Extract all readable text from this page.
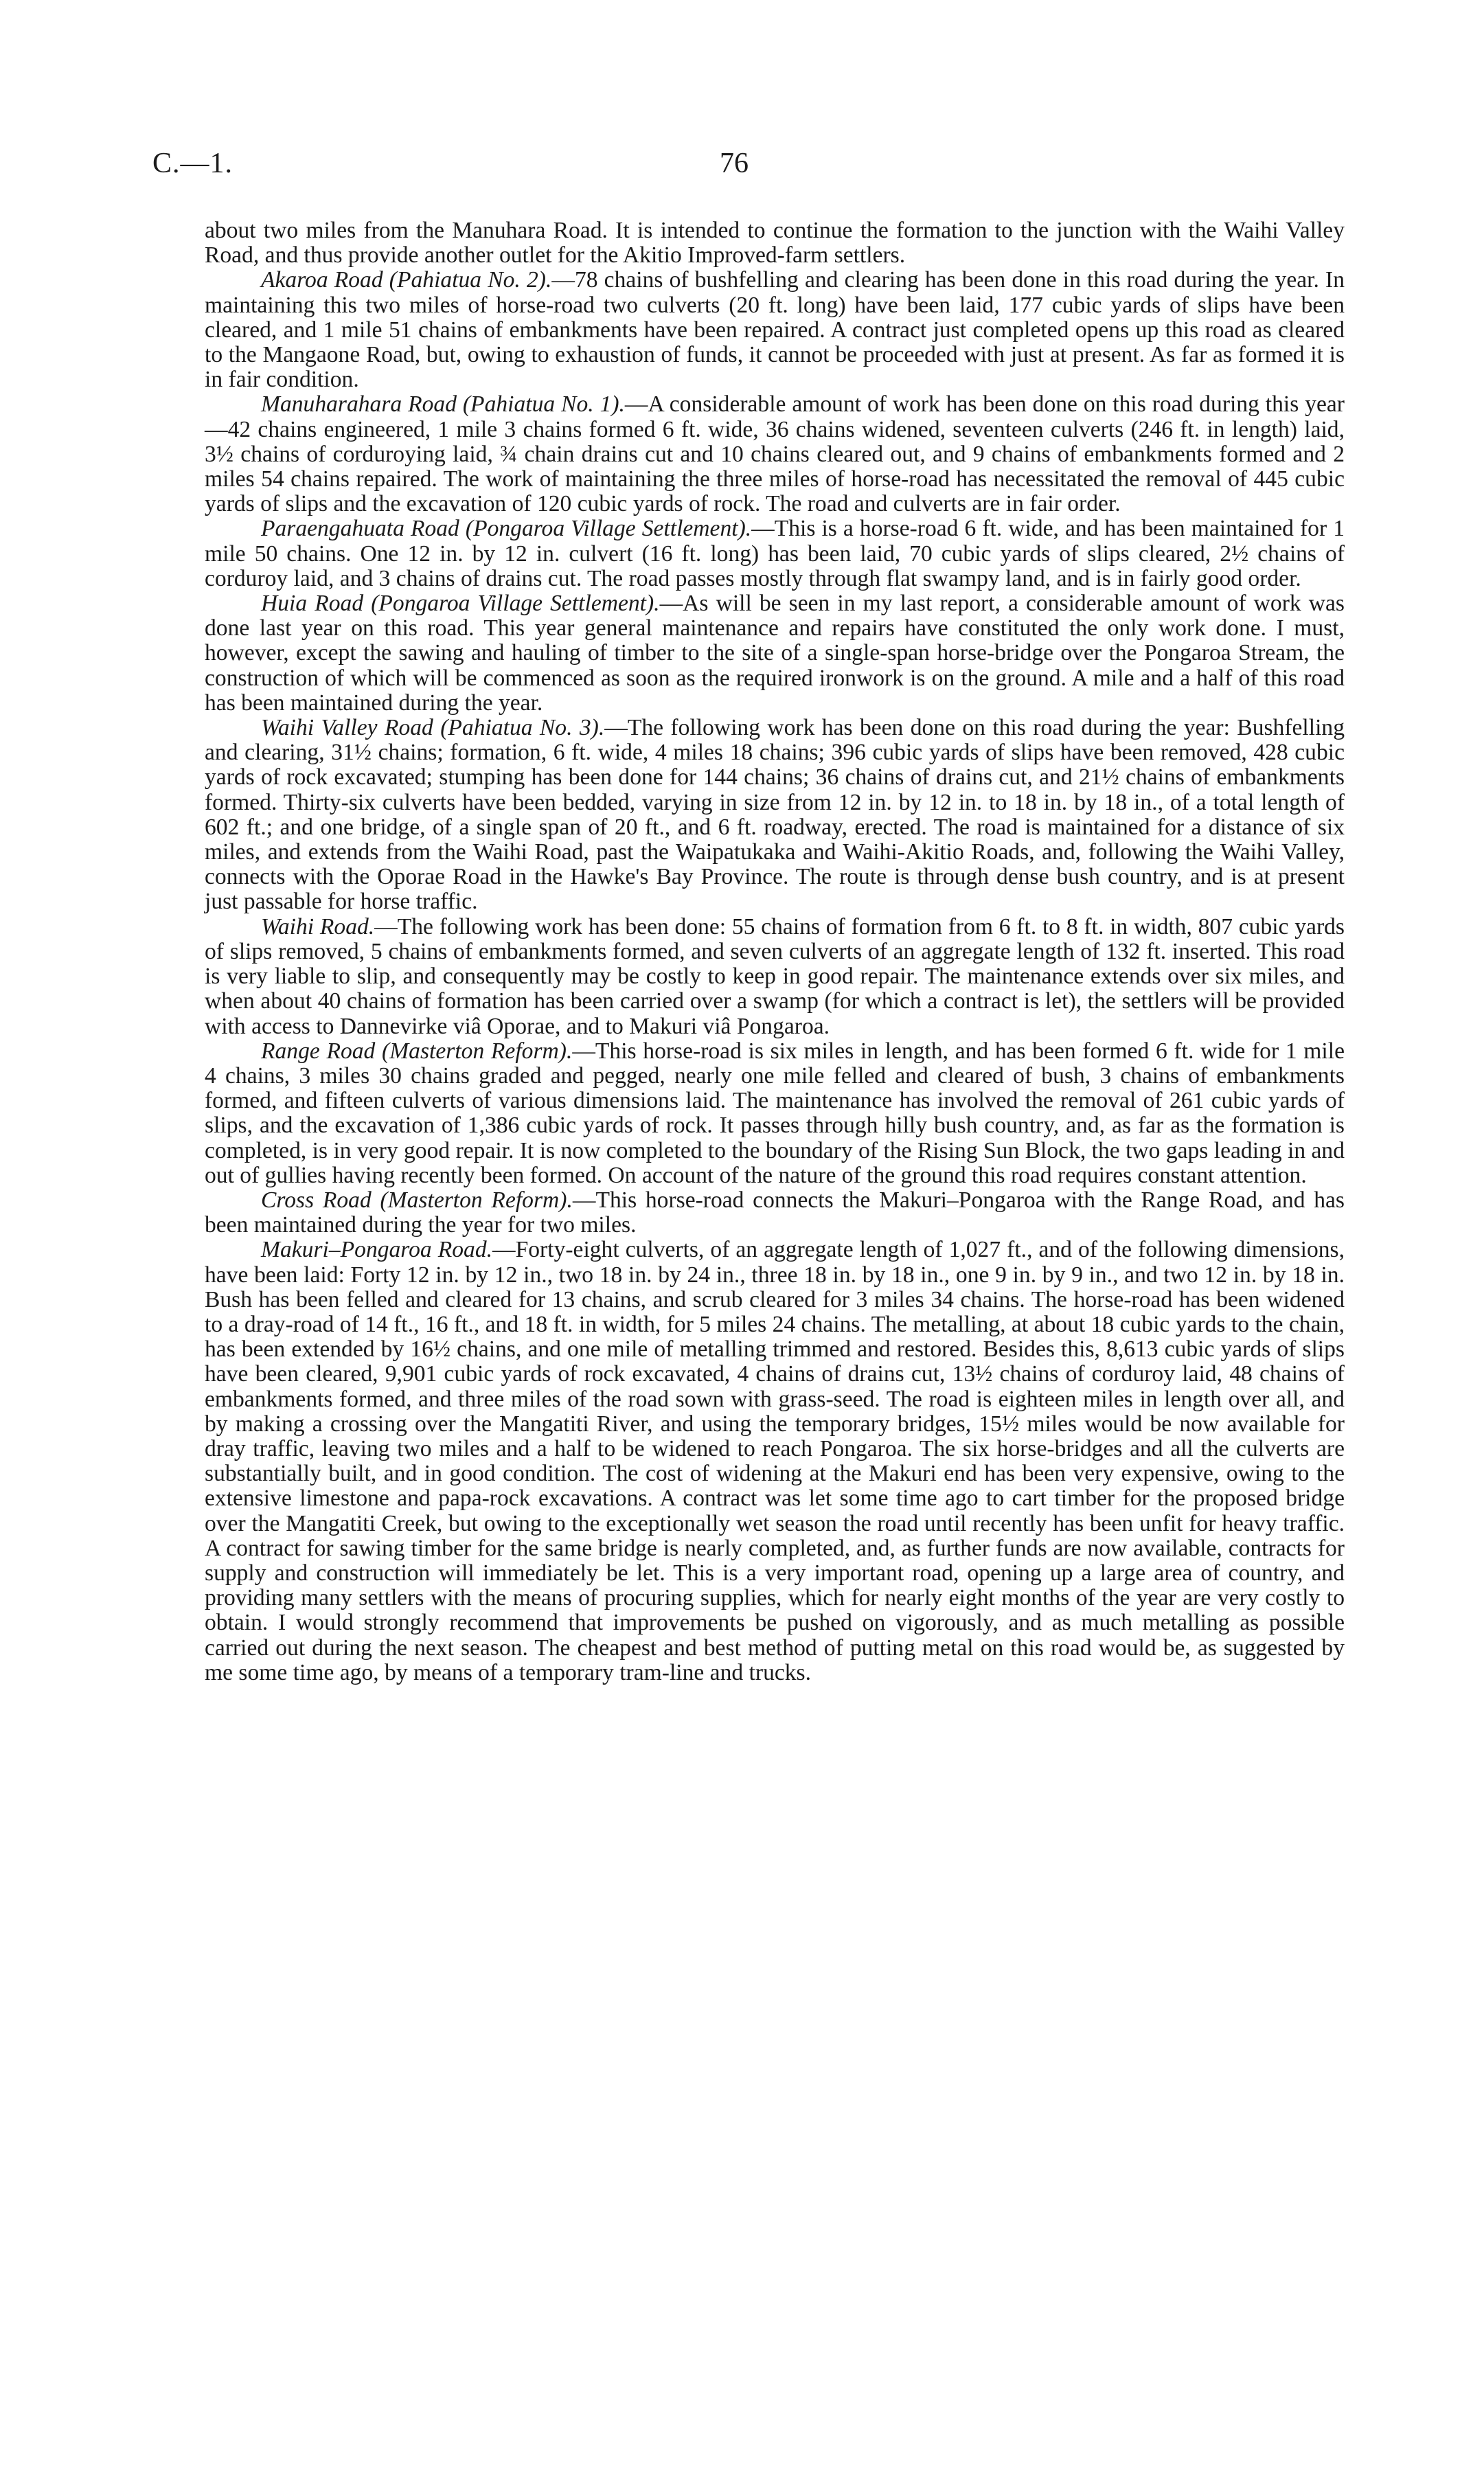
C.—1.	76

about two miles from the Manuhara Road. It is intended to continue the formation to the junction with the Waihi Valley Road, and thus provide another outlet for the Akitio Improved-farm settlers.

Akaroa Road (Pahiatua No. 2).—78 chains of bushfelling and clearing has been done in this road during the year. In maintaining this two miles of horse-road two culverts (20 ft. long) have been laid, 177 cubic yards of slips have been cleared, and 1 mile 51 chains of embankments have been repaired. A contract just completed opens up this road as cleared to the Mangaone Road, but, owing to exhaustion of funds, it cannot be proceeded with just at present. As far as formed it is in fair condition.

Manuharahara Road (Pahiatua No. 1).—A considerable amount of work has been done on this road during this year—42 chains engineered, 1 mile 3 chains formed 6 ft. wide, 36 chains widened, seventeen culverts (246 ft. in length) laid, 3½ chains of corduroying laid, ¾ chain drains cut and 10 chains cleared out, and 9 chains of embankments formed and 2 miles 54 chains repaired. The work of maintaining the three miles of horse-road has necessitated the removal of 445 cubic yards of slips and the excavation of 120 cubic yards of rock. The road and culverts are in fair order.

Paraengahuata Road (Pongaroa Village Settlement).—This is a horse-road 6 ft. wide, and has been maintained for 1 mile 50 chains. One 12 in. by 12 in. culvert (16 ft. long) has been laid, 70 cubic yards of slips cleared, 2½ chains of corduroy laid, and 3 chains of drains cut. The road passes mostly through flat swampy land, and is in fairly good order.

Huia Road (Pongaroa Village Settlement).—As will be seen in my last report, a considerable amount of work was done last year on this road. This year general maintenance and repairs have constituted the only work done. I must, however, except the sawing and hauling of timber to the site of a single-span horse-bridge over the Pongaroa Stream, the construction of which will be commenced as soon as the required ironwork is on the ground. A mile and a half of this road has been maintained during the year.

Waihi Valley Road (Pahiatua No. 3).—The following work has been done on this road during the year: Bushfelling and clearing, 31½ chains; formation, 6 ft. wide, 4 miles 18 chains; 396 cubic yards of slips have been removed, 428 cubic yards of rock excavated; stumping has been done for 144 chains; 36 chains of drains cut, and 21½ chains of embankments formed. Thirty-six culverts have been bedded, varying in size from 12 in. by 12 in. to 18 in. by 18 in., of a total length of 602 ft.; and one bridge, of a single span of 20 ft., and 6 ft. roadway, erected. The road is maintained for a distance of six miles, and extends from the Waihi Road, past the Waipatukaka and Waihi-Akitio Roads, and, following the Waihi Valley, connects with the Oporae Road in the Hawke's Bay Province. The route is through dense bush country, and is at present just passable for horse traffic.

Waihi Road.—The following work has been done: 55 chains of formation from 6 ft. to 8 ft. in width, 807 cubic yards of slips removed, 5 chains of embankments formed, and seven culverts of an aggregate length of 132 ft. inserted. This road is very liable to slip, and consequently may be costly to keep in good repair. The maintenance extends over six miles, and when about 40 chains of formation has been carried over a swamp (for which a contract is let), the settlers will be provided with access to Dannevirke viâ Oporae, and to Makuri viâ Pongaroa.

Range Road (Masterton Reform).—This horse-road is six miles in length, and has been formed 6 ft. wide for 1 mile 4 chains, 3 miles 30 chains graded and pegged, nearly one mile felled and cleared of bush, 3 chains of embankments formed, and fifteen culverts of various dimensions laid. The maintenance has involved the removal of 261 cubic yards of slips, and the excavation of 1,386 cubic yards of rock. It passes through hilly bush country, and, as far as the formation is completed, is in very good repair. It is now completed to the boundary of the Rising Sun Block, the two gaps leading in and out of gullies having recently been formed. On account of the nature of the ground this road requires constant attention.

Cross Road (Masterton Reform).—This horse-road connects the Makuri–Pongaroa with the Range Road, and has been maintained during the year for two miles.

Makuri–Pongaroa Road.—Forty-eight culverts, of an aggregate length of 1,027 ft., and of the following dimensions, have been laid: Forty 12 in. by 12 in., two 18 in. by 24 in., three 18 in. by 18 in., one 9 in. by 9 in., and two 12 in. by 18 in. Bush has been felled and cleared for 13 chains, and scrub cleared for 3 miles 34 chains. The horse-road has been widened to a dray-road of 14 ft., 16 ft., and 18 ft. in width, for 5 miles 24 chains. The metalling, at about 18 cubic yards to the chain, has been extended by 16½ chains, and one mile of metalling trimmed and restored. Besides this, 8,613 cubic yards of slips have been cleared, 9,901 cubic yards of rock excavated, 4 chains of drains cut, 13½ chains of corduroy laid, 48 chains of embankments formed, and three miles of the road sown with grass-seed. The road is eighteen miles in length over all, and by making a crossing over the Mangatiti River, and using the temporary bridges, 15½ miles would be now available for dray traffic, leaving two miles and a half to be widened to reach Pongaroa. The six horse-bridges and all the culverts are substantially built, and in good condition. The cost of widening at the Makuri end has been very expensive, owing to the extensive limestone and papa-rock excavations. A contract was let some time ago to cart timber for the proposed bridge over the Mangatiti Creek, but owing to the exceptionally wet season the road until recently has been unfit for heavy traffic. A contract for sawing timber for the same bridge is nearly completed, and, as further funds are now available, contracts for supply and construction will immediately be let. This is a very important road, opening up a large area of country, and providing many settlers with the means of procuring supplies, which for nearly eight months of the year are very costly to obtain. I would strongly recommend that improvements be pushed on vigorously, and as much metalling as possible carried out during the next season. The cheapest and best method of putting metal on this road would be, as suggested by me some time ago, by means of a temporary tram-line and trucks.
